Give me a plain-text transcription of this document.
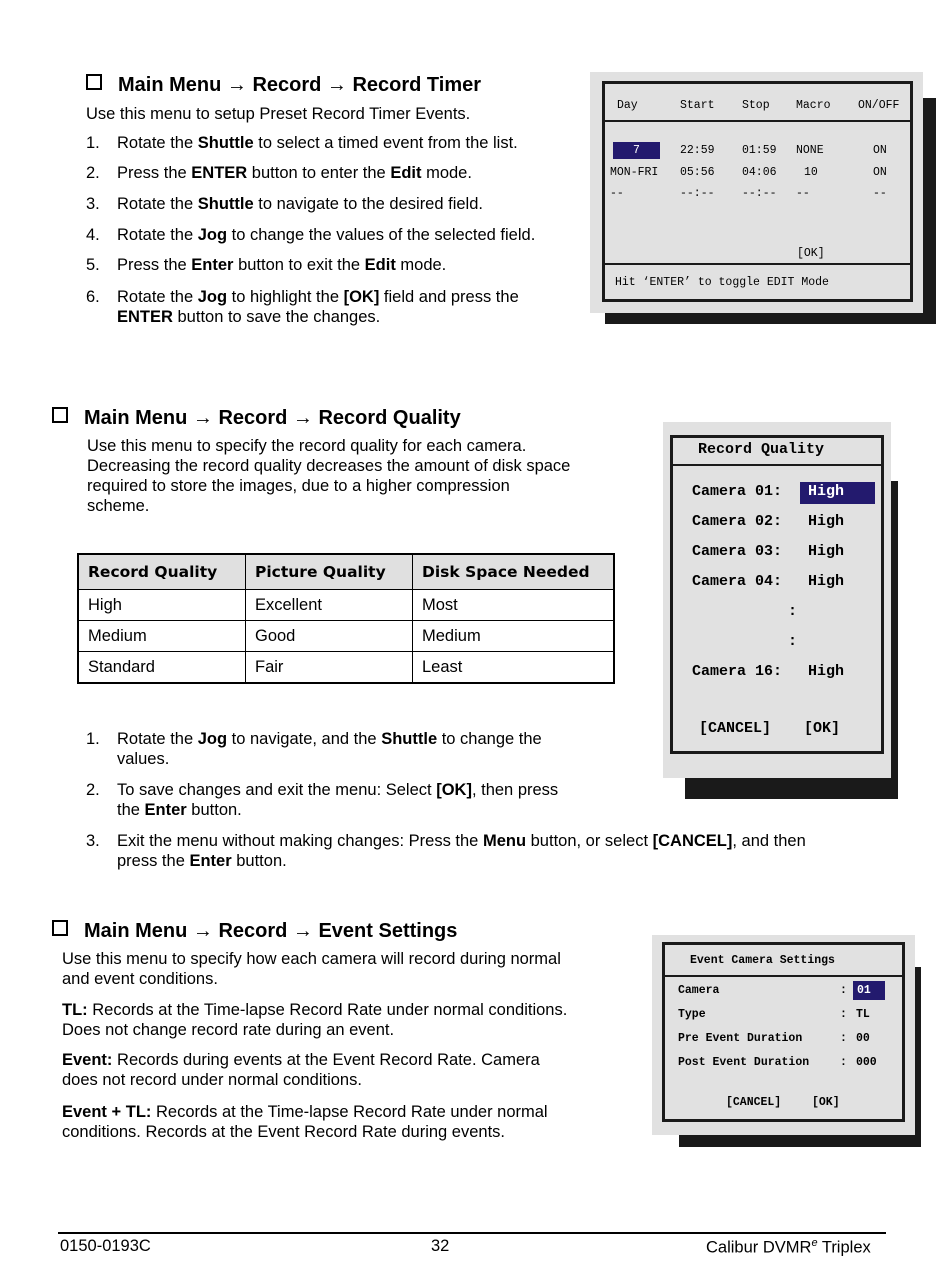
Main Menu → Record → Record Timer
Use this menu to setup Preset Record Timer Events.
1. Rotate the Shuttle to select a timed event from the list.
2. Press the ENTER button to enter the Edit mode.
3. Rotate the Shuttle to navigate to the desired field.
4. Rotate the Jog to change the values of the selected field.
5. Press the Enter button to exit the Edit mode.
6. Rotate the Jog to highlight the [OK] field and press the
ENTER button to save the changes.
Day	Start Stop Macro ON/OFF
7	22:59 01:59 NONE	ON
MON-FRI 05:56 04:06 10	ON
--	--:-- --:-- --	--
[OK]
Hit ‘ENTER’ to toggle EDIT Mode
Main Menu → Record → Record Quality
Use this menu to specify the record quality for each camera.
Decreasing the record quality decreases the amount of disk space
required to store the images, due to a higher compression
scheme.
Record Quality	Picture Quality	Disk Space Needed
High	Excellent	Most
Medium	Good	Medium
Standard	Fair	Least
1. Rotate the Jog to navigate, and the Shuttle to change the
values.
2. To save changes and exit the menu: Select [OK], then press
the Enter button.
3. Exit the menu without making changes: Press the Menu button, or select [CANCEL], and then
press the Enter button.
Record Quality
Camera 01:	High
Camera 02: High
Camera 03: High
Camera 04: High
:
:
Camera 16: High
[CANCEL] [OK]
Main Menu → Record → Event Settings
Use this menu to specify how each camera will record during normal
and event conditions.
TL: Records at the Time-lapse Record Rate under normal conditions.
Does not change record rate during an event.
Event: Records during events at the Event Record Rate. Camera
does not record under normal conditions.
Event + TL: Records at the Time-lapse Record Rate under normal
conditions. Records at the Event Record Rate during events.
Event Camera Settings
Camera	: 01
Type	: TL
Pre Event Duration	: 00
Post Event Duration	: 000
[CANCEL]	[OK]
0150-0193C	32	Calibur DVMR$^e$ Triplex
